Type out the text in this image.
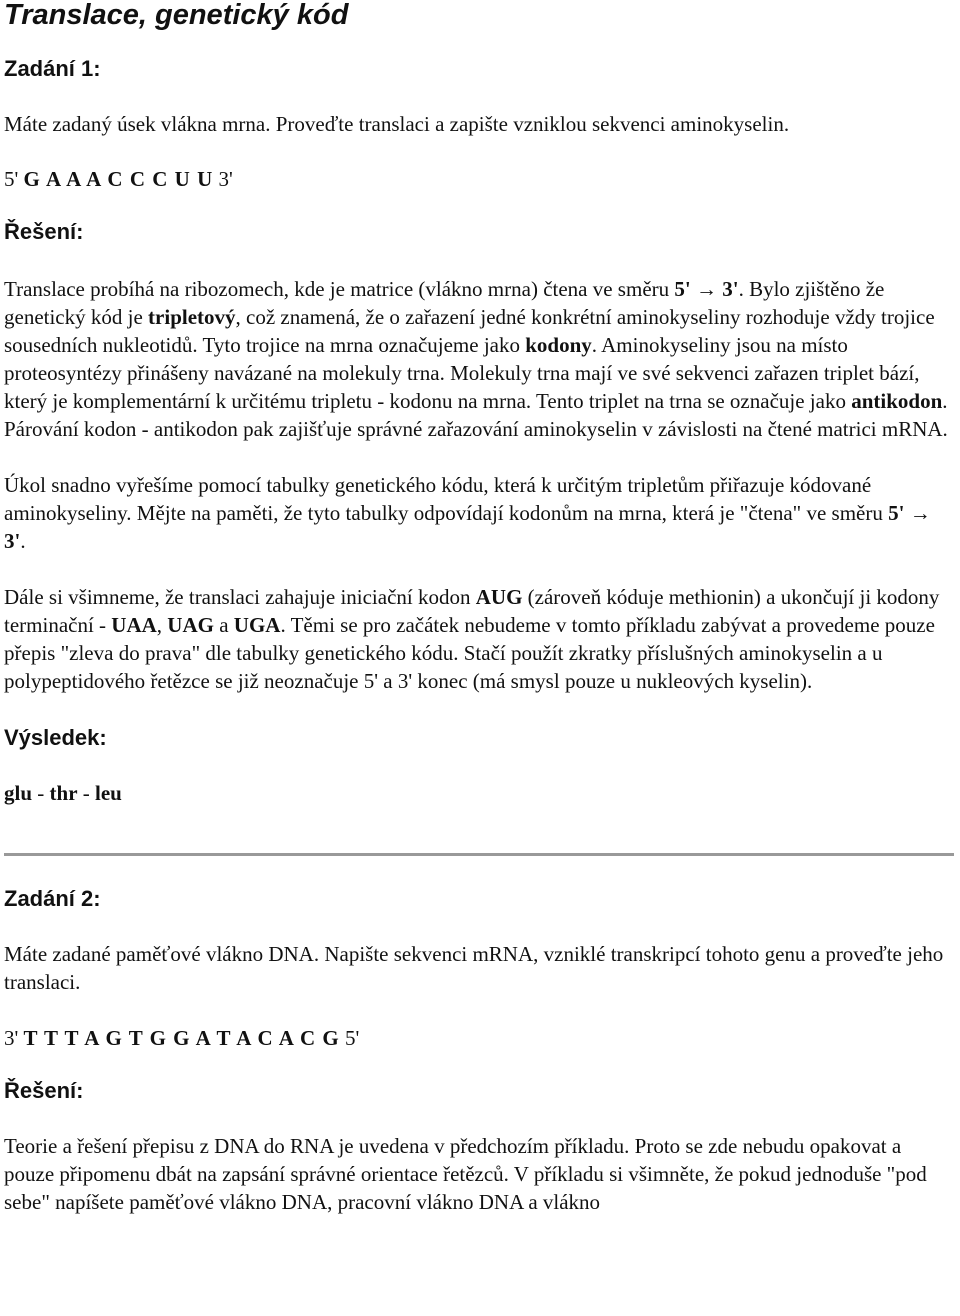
Translace, genetický kód
Zadání 1:

Máte zadaný úsek vlákna mrna. Proveďte translaci a zapište vzniklou sekvenci aminokyselin.

5' G A A A C C C U U 3'

Řešení:

Translace probíhá na ribozomech, kde je matrice (vlákno mrna) čtena ve směru 5' → 3'. Bylo zjištěno že genetický kód je tripletový, což znamená, že o zařazení jedné konkrétní aminokyseliny rozhoduje vždy trojice sousedních nukleotidů. Tyto trojice na mrna označujeme jako kodony. Aminokyseliny jsou na místo proteosyntézy přinášeny navázané na molekuly trna. Molekuly trna mají ve své sekvenci zařazen triplet bází, který je komplementární k určitému tripletu - kodonu na mrna. Tento triplet na trna se označuje jako antikodon. Párování kodon - antikodon pak zajišťuje správné zařazování aminokyselin v závislosti na čtené matrici mRNA.

Úkol snadno vyřešíme pomocí tabulky genetického kódu, která k určitým tripletům přiřazuje kódované aminokyseliny. Mějte na paměti, že tyto tabulky odpovídají kodonům na mrna, která je "čtena" ve směru 5' → 3'.

Dále si všimneme, že translaci zahajuje iniciační kodon AUG (zároveň kóduje methionin) a ukončují ji kodony terminační - UAA, UAG a UGA. Těmi se pro začátek nebudeme v tomto příkladu zabývat a provedeme pouze přepis "zleva do prava" dle tabulky genetického kódu. Stačí použít zkratky příslušných aminokyselin a u polypeptidového řetězce se již neoznačuje 5' a 3' konec (má smysl pouze u nukleových kyselin).

Výsledek:

glu - thr - leu

Zadání 2:

Máte zadané paměťové vlákno DNA. Napište sekvenci mRNA, vzniklé transkripcí tohoto genu a proveďte jeho translaci.

3' T T T A G T G G A T A C A C G 5'

Řešení:

Teorie a řešení přepisu z DNA do RNA je uvedena v předchozím příkladu. Proto se zde nebudu opakovat a pouze připomenu dbát na zapsání správné orientace řetězců. V příkladu si všimněte, že pokud jednoduše "pod sebe" napíšete paměťové vlákno DNA, pracovní vlákno DNA a vlákno
